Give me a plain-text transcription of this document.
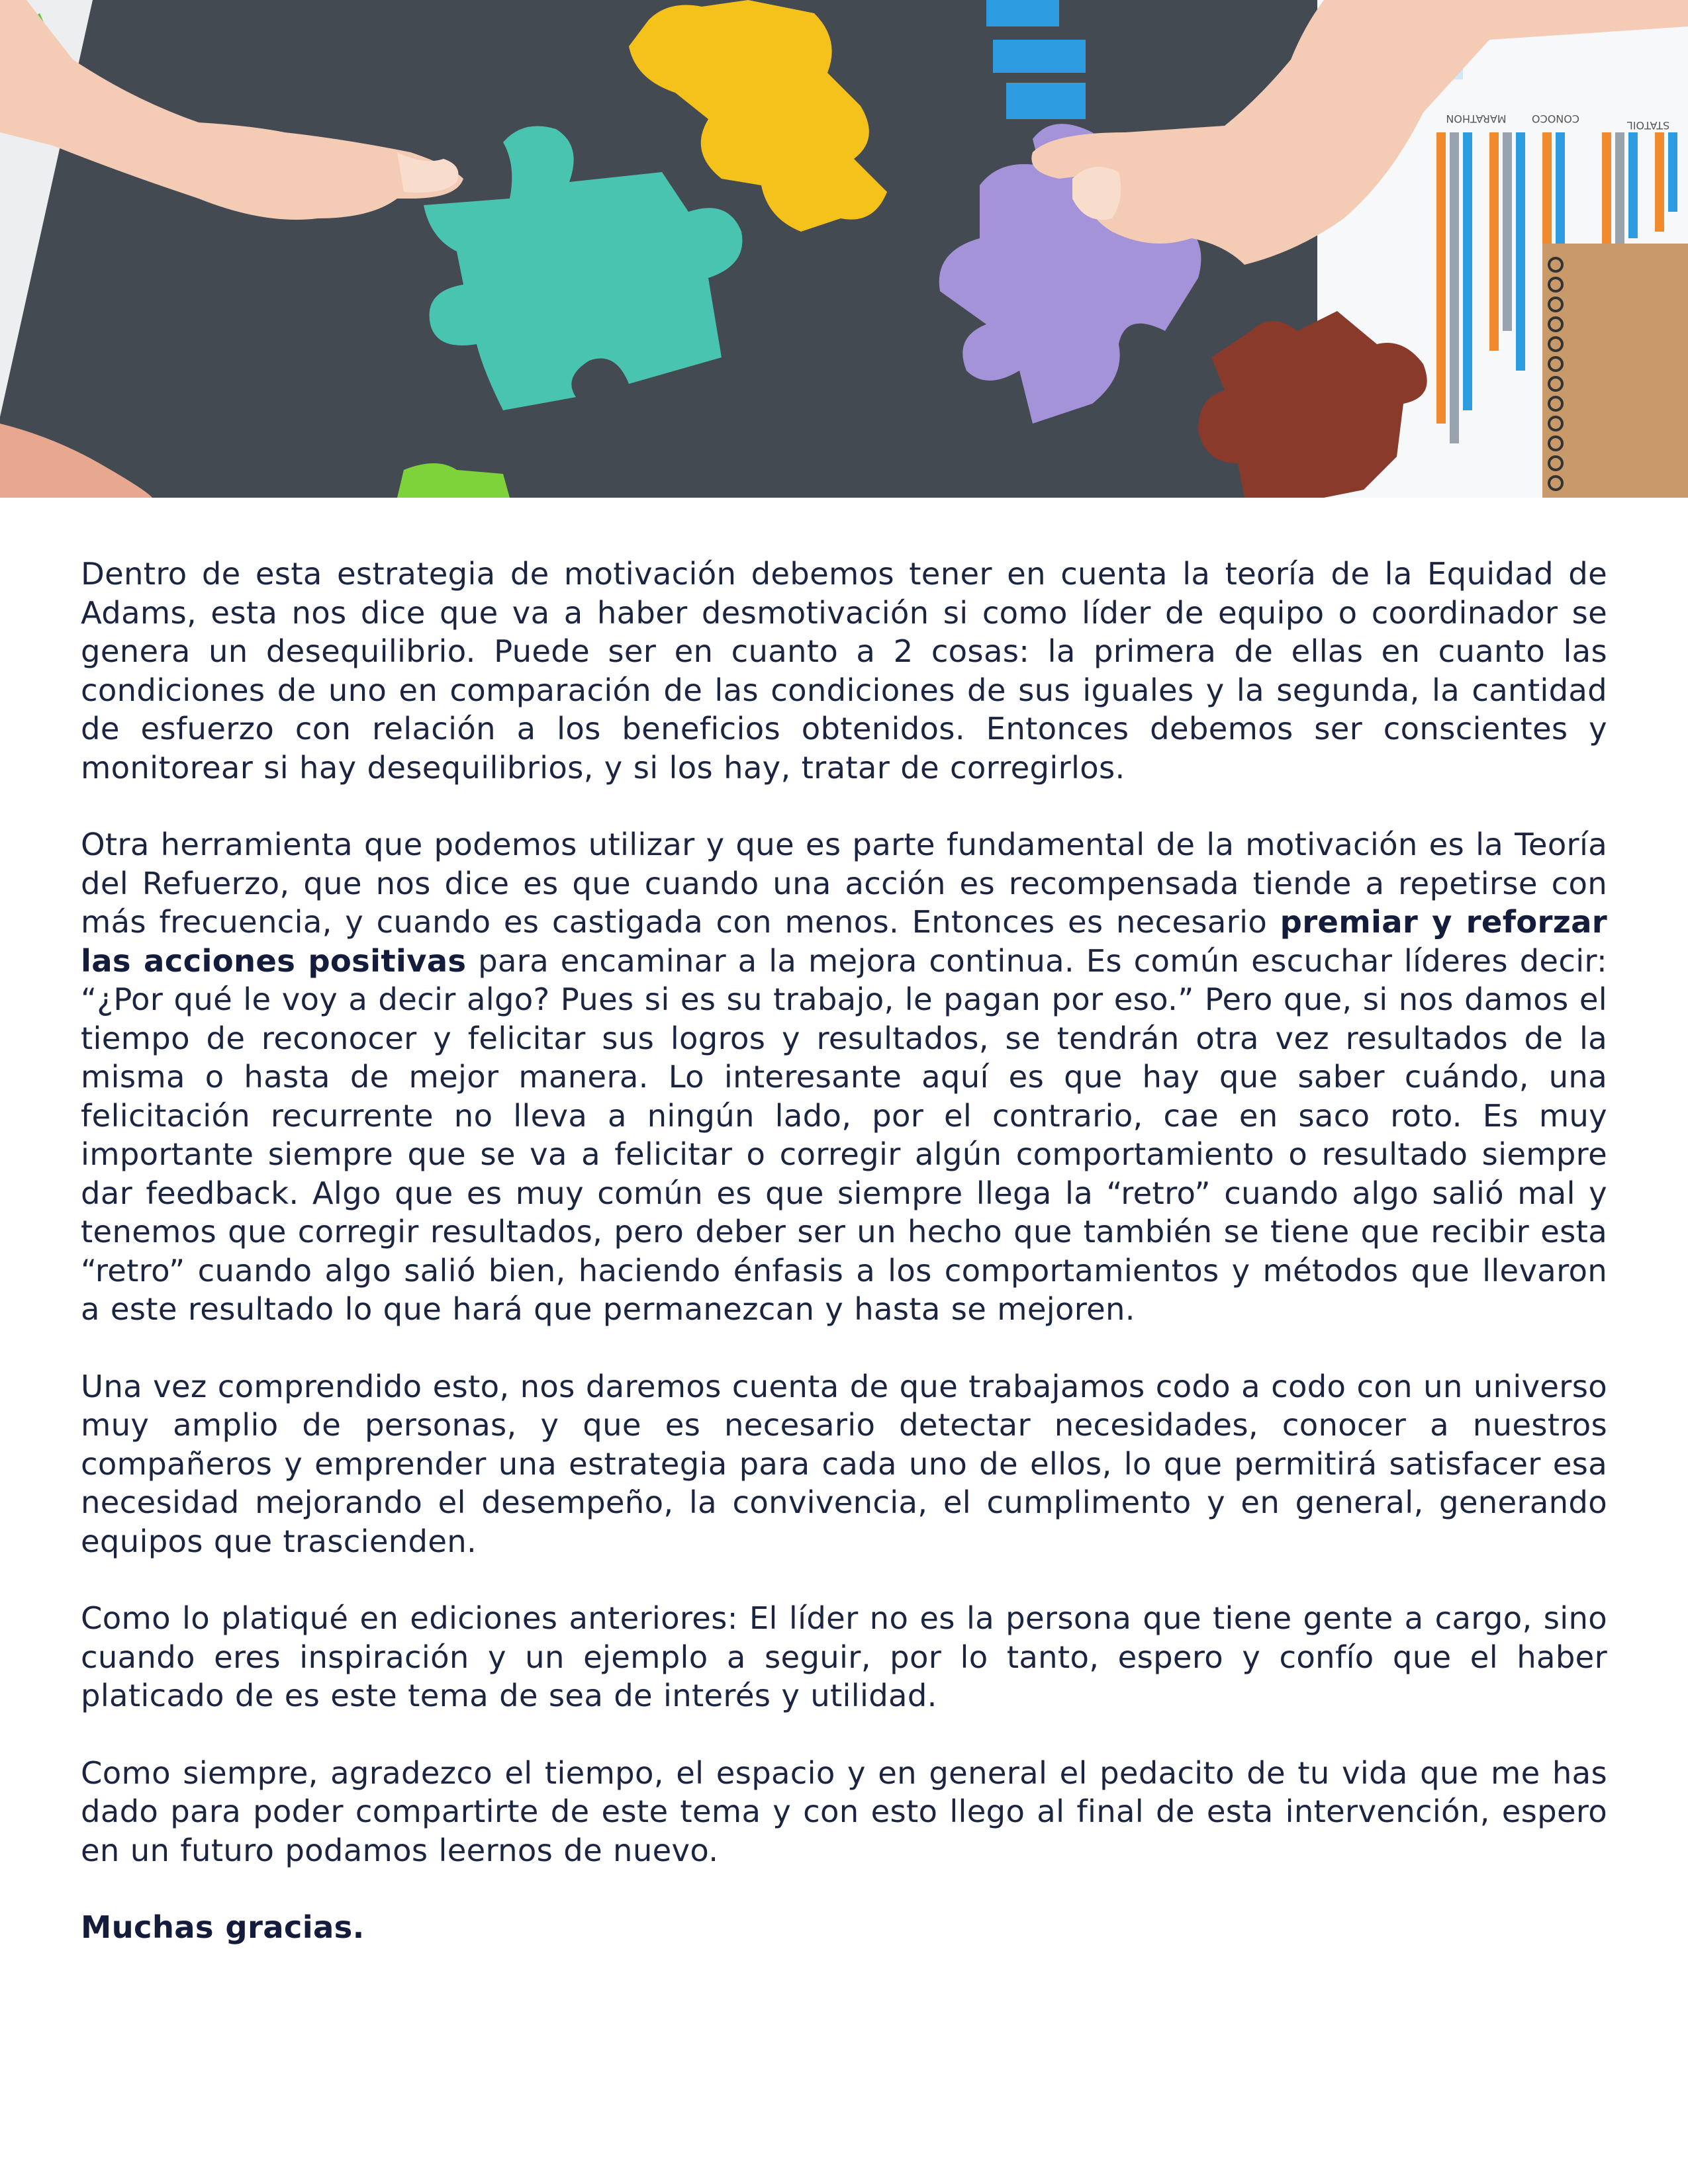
MARATHON CONOCO
STATOIL

Dentro de esta estrategia de motivación debemos tener en cuenta la teoría de la Equidad de Adams, esta nos dice que va a haber desmotivación si como líder de equipo o coordinador se genera un desequilibrio. Puede ser en cuanto a 2 cosas: la primera de ellas en cuanto las condiciones de uno en comparación de las condiciones de sus iguales y la segunda, la cantidad de esfuerzo con relación a los beneficios obtenidos. Entonces debemos ser conscientes y monitorear si hay desequilibrios, y si los hay, tratar de corregirlos.

Otra herramienta que podemos utilizar y que es parte fundamental de la motivación es la Teoría del Refuerzo, que nos dice es que cuando una acción es recompensada tiende a repetirse con más frecuencia, y cuando es castigada con menos. Entonces es necesario premiar y reforzar las acciones positivas para encaminar a la mejora continua. Es común escuchar líderes decir: “¿Por qué le voy a decir algo? Pues si es su trabajo, le pagan por eso.” Pero que, si nos damos el tiempo de reconocer y felicitar sus logros y resultados, se tendrán otra vez resultados de la misma o hasta de mejor manera. Lo interesante aquí es que hay que saber cuándo, una felicitación recurrente no lleva a ningún lado, por el contrario, cae en saco roto. Es muy importante siempre que se va a felicitar o corregir algún comportamiento o resultado siempre dar feedback. Algo que es muy común es que siempre llega la “retro” cuando algo salió mal y tenemos que corregir resultados, pero deber ser un hecho que también se tiene que recibir esta “retro” cuando algo salió bien, haciendo énfasis a los comportamientos y métodos que llevaron a este resultado lo que hará que permanezcan y hasta se mejoren.

Una vez comprendido esto, nos daremos cuenta de que trabajamos codo a codo con un universo muy amplio de personas, y que es necesario detectar necesidades, conocer a nuestros compañeros y emprender una estrategia para cada uno de ellos, lo que permitirá satisfacer esa necesidad mejorando el desempeño, la convivencia, el cumplimento y en general, generando equipos que trascienden.

Como lo platiqué en ediciones anteriores: El líder no es la persona que tiene gente a cargo, sino cuando eres inspiración y un ejemplo a seguir, por lo tanto, espero y confío que el haber platicado de es este tema de sea de interés y utilidad.

Como siempre, agradezco el tiempo, el espacio y en general el pedacito de tu vida que me has dado para poder compartirte de este tema y con esto llego al final de esta intervención, espero en un futuro podamos leernos de nuevo.

Muchas gracias.
